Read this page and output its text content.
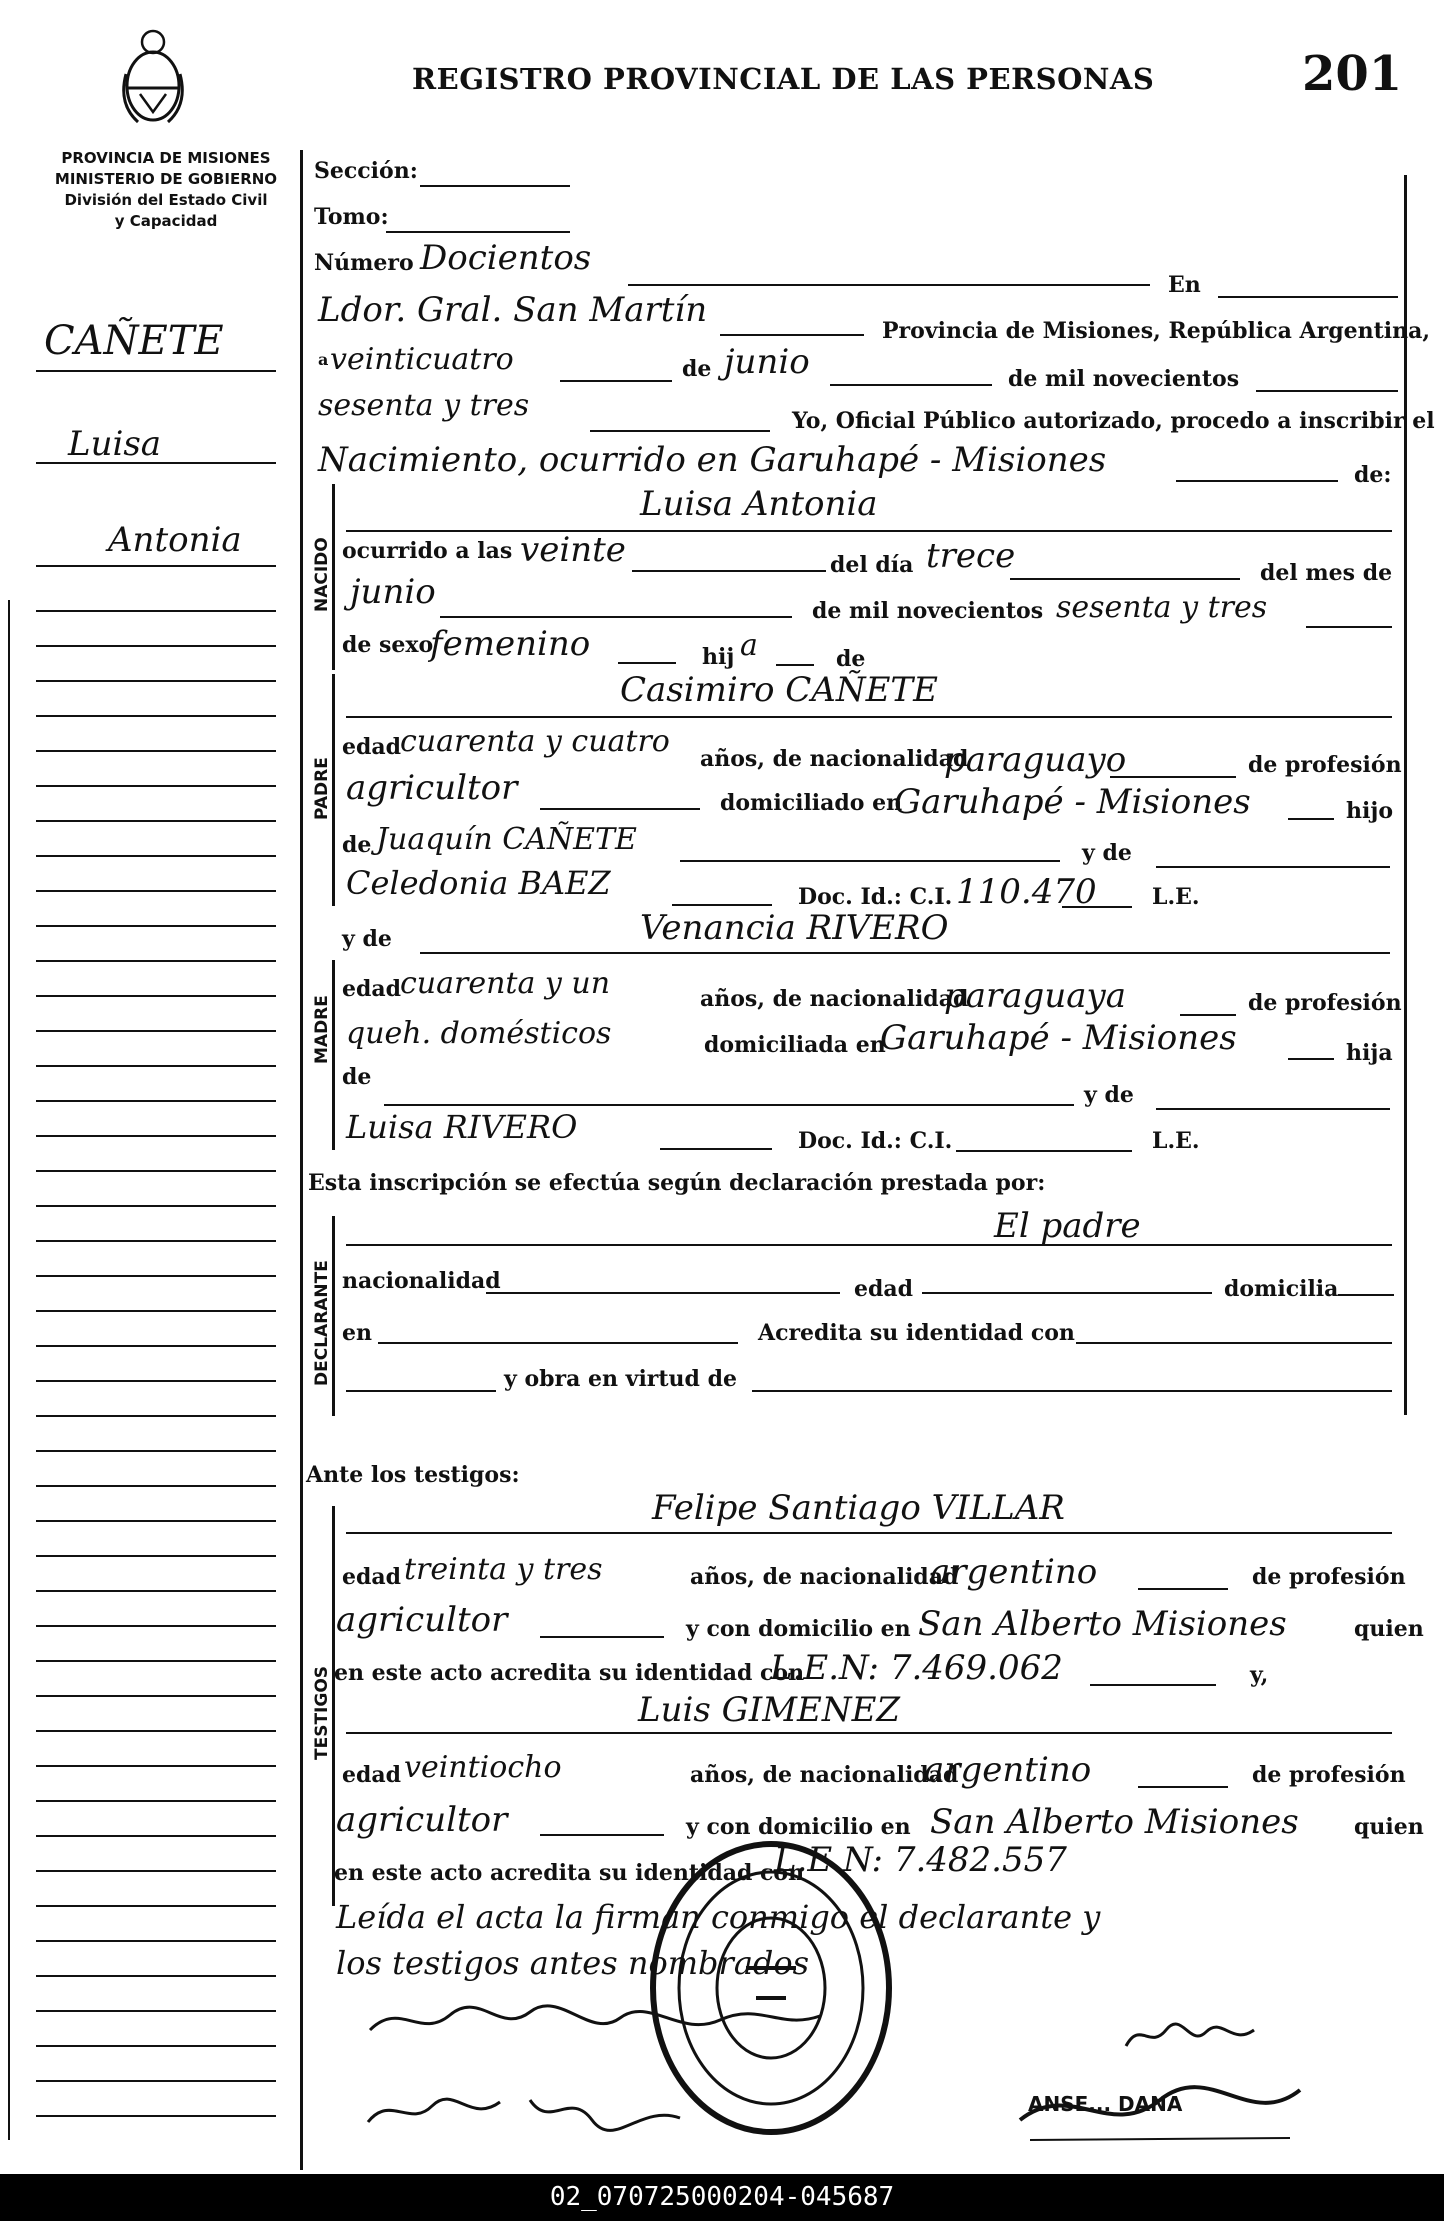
REGISTRO PROVINCIAL DE LAS PERSONAS	201
PROVINCIA DE MISIONES
MINISTERIO DE GOBIERNO
División del Estado Civil
y Capacidad
CAÑETE
Luisa
Antonia
Sección:
Tomo:
Número Docientos
En
Ldor. Gral. San Martín
Provincia de Misiones, República Argentina,
a veinticuatro	de junio	de mil novecientos
sesenta y tres	Yo, Oficial Público autorizado, procedo a inscribir el
Nacimiento, ocurrido en Garuhapé - Misiones	de:
NACIDO
Luisa Antonia
ocurrido a las veinte	del día trece	del mes de
junio	de mil novecientos sesenta y tres
de sexo
femenino	hij a	de
PADRE
Casimiro CAÑETE
edad
cuarenta y cuatro años, de nacionalidad
paraguayo	de profesión
agricultor	domiciliado en
Garuhapé - Misiones	hijo
de Juaquín CAÑETE	y de
Celedonia BAEZ	Doc. Id.: C.I. 110.470	L.E.
y de	Venancia RIVERO
MADRE
edad
cuarenta y un	años, de nacionalidad
paraguaya	de profesión
queh. domésticos	domiciliada en
Garuhapé - Misiones	hija
de
y de
Luisa RIVERO	Doc. Id.: C.I.	L.E.
Esta inscripción se efectúa según declaración prestada por:
DECLARANTE
El padre
nacionalidad	edad	domicilia
en	Acredita su identidad con
y obra en virtud de
Ante los testigos:
TESTIGOS
Felipe Santiago VILLAR
edad treinta y tres	años, de nacionalidad
argentino	de profesión
agricultor	y con domicilio en San Alberto Misiones	quien
en este acto acredita su identidad con
L.E.N: 7.469.062	y,
Luis GIMENEZ
edad veintiocho	años, de nacionalidad
argentino	de profesión
agricultor	y con domicilio en San Alberto Misiones	quien
en este acto acredita su identidad con
L.E.N: 7.482.557
Leída el acta la firman conmigo el declarante y
los testigos antes nombrados
ANSE... DANA
02_070725000204-045687
